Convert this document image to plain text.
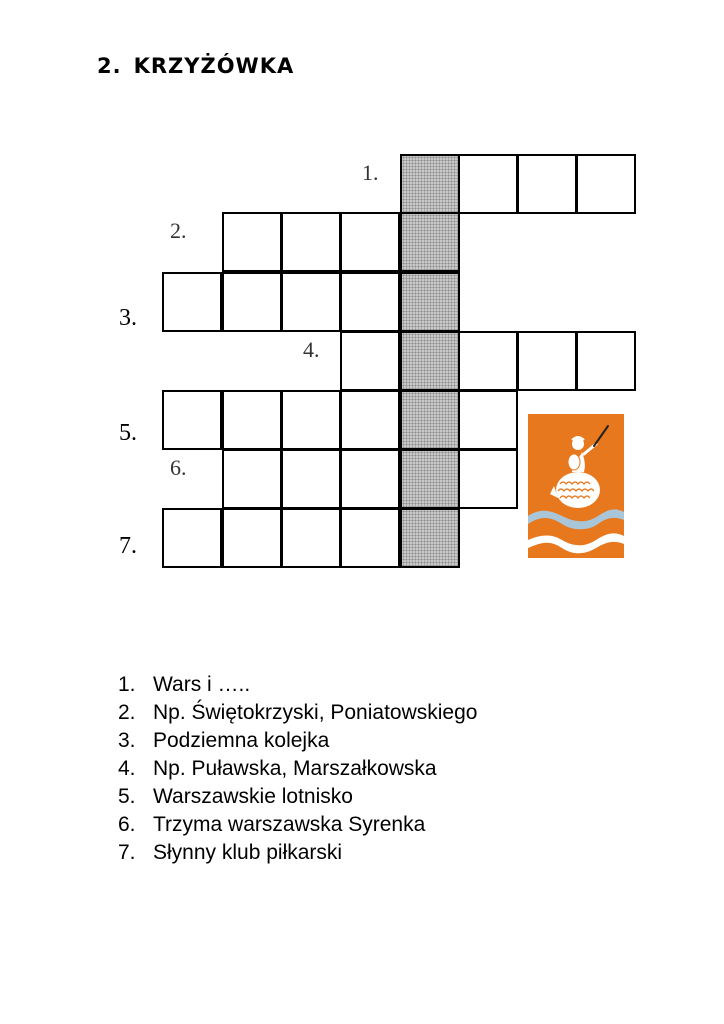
2. KRZYŻÓWKA
1.
2.
3.
4.
5.
6.
7.
1. Wars i …..
2. Np. Świętokrzyski, Poniatowskiego
3. Podziemna kolejka
4. Np. Puławska, Marszałkowska
5. Warszawskie lotnisko
6. Trzyma warszawska Syrenka
7. Słynny klub piłkarski
